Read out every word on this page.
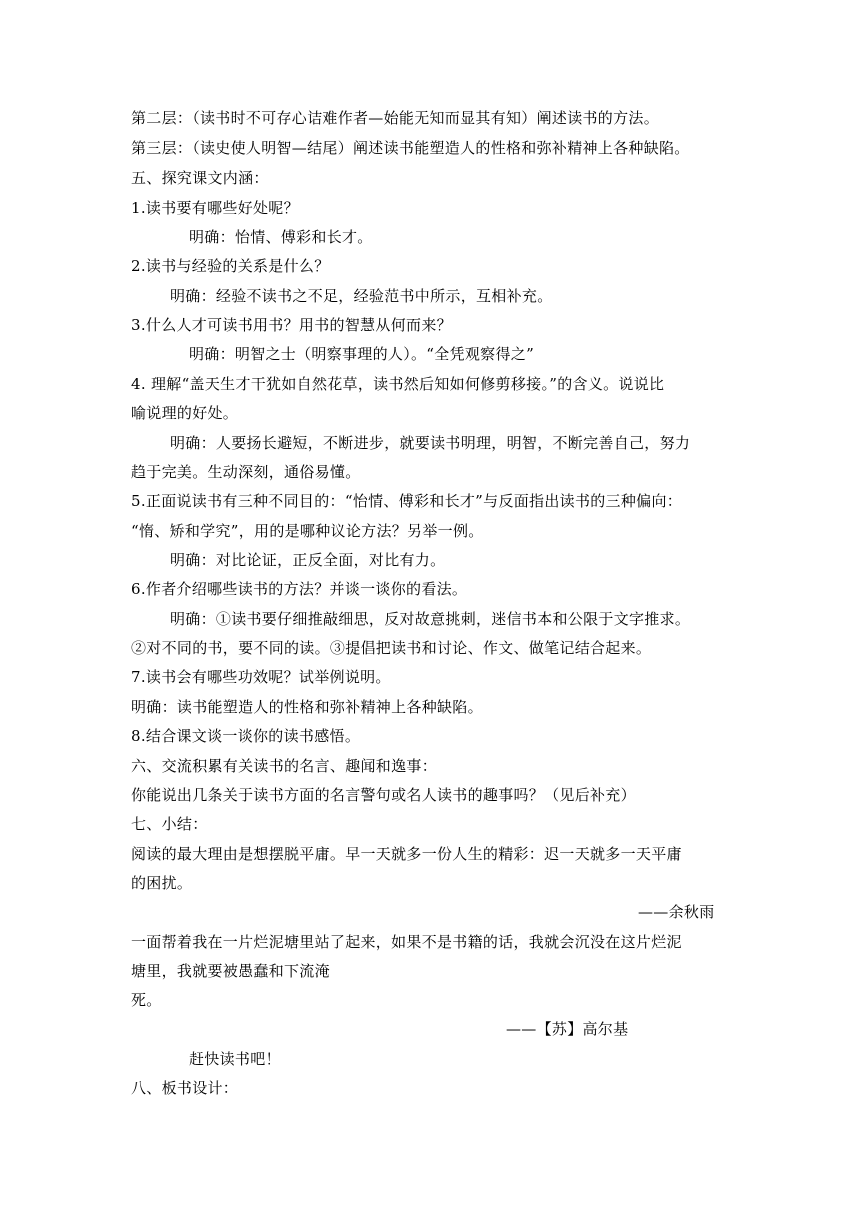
第二层：（读书时不可存心诘难作者—始能无知而显其有知）阐述读书的方法。
第三层：（读史使人明智—结尾）阐述读书能塑造人的性格和弥补精神上各种缺陷。
五、探究课文内涵：
1.读书要有哪些好处呢？
明确：怡情、傅彩和长才。
2.读书与经验的关系是什么？
明确：经验不读书之不足，经验范书中所示，互相补充。
3.什么人才可读书用书？用书的智慧从何而来？
明确：明智之士（明察事理的人）。“全凭观察得之”
4. 理解“盖天生才干犹如自然花草，读书然后知如何修剪移接。”的含义。说说比
喻说理的好处。
明确：人要扬长避短，不断进步，就要读书明理，明智，不断完善自己，努力
趋于完美。生动深刻，通俗易懂。
5.正面说读书有三种不同目的：“怡情、傅彩和长才”与反面指出读书的三种偏向：
“惰、矫和学究”，用的是哪种议论方法？另举一例。
明确：对比论证，正反全面，对比有力。
6.作者介绍哪些读书的方法？并谈一谈你的看法。
明确：①读书要仔细推敲细思，反对故意挑刺，迷信书本和公限于文字推求。
②对不同的书，要不同的读。③提倡把读书和讨论、作文、做笔记结合起来。
7.读书会有哪些功效呢？试举例说明。
明确：读书能塑造人的性格和弥补精神上各种缺陷。
8.结合课文谈一谈你的读书感悟。
六、交流积累有关读书的名言、趣闻和逸事：
你能说出几条关于读书方面的名言警句或名人读书的趣事吗？（见后补充）
七、小结：
阅读的最大理由是想摆脱平庸。早一天就多一份人生的精彩：迟一天就多一天平庸
的困扰。
——余秋雨
一面帮着我在一片烂泥塘里站了起来，如果不是书籍的话，我就会沉没在这片烂泥
塘里，我就要被愚蠢和下流淹
死。
——【苏】高尔基
赶快读书吧！
八、板书设计：
